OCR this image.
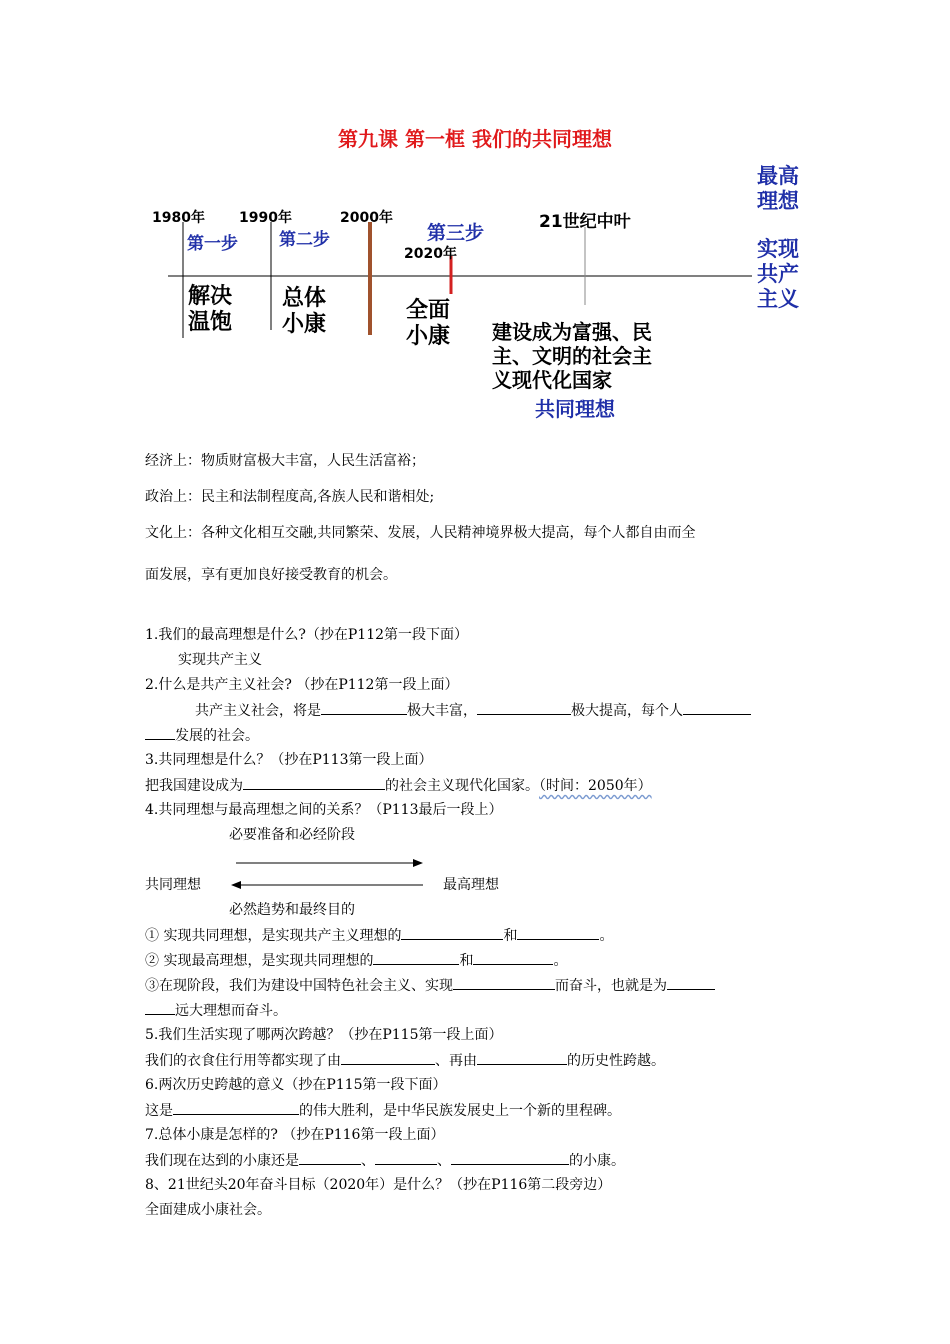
第九课 第一框 我们的共同理想
1980年 1990年	2000年
2020年
21世纪中叶
第一步 第二步	第三步
解决
温饱
总体
小康
全面
小康 建设成为富强、民
主、文明的社会主
义现代化国家
共同理想
最高
理想
实现
共产
主义
经济上：物质财富极大丰富，人民生活富裕；
政治上：民主和法制程度高,各族人民和谐相处;
文化上：各种文化相互交融,共同繁荣、发展，人民精神境界极大提高，每个人都自由而全
面发展，享有更加良好接受教育的机会。
1.我们的最高理想是什么?（抄在P112第一段下面）
实现共产主义
2.什么是共产主义社会? （抄在P112第一段上面）
共产主义社会，将是	极大丰富，	极大提高，每个人
发展的社会。
3.共同理想是什么？（抄在P113第一段上面）
把我国建设成为	的社会主义现代化国家。（时间：2050年）
4.共同理想与最高理想之间的关系？（P113最后一段上）
必要准备和必经阶段
共同理想	最高理想
必然趋势和最终目的
① 实现共同理想，是实现共产主义理想的	和	。
② 实现最高理想，是实现共同理想的	和	。
③在现阶段，我们为建设中国特色社会主义、实现	而奋斗，也就是为
远大理想而奋斗。
5.我们生活实现了哪两次跨越？（抄在P115第一段上面）
我们的衣食住行用等都实现了由	、再由	的历史性跨越。
6.两次历史跨越的意义（抄在P115第一段下面）
这是	的伟大胜利，是中华民族发展史上一个新的里程碑。
7.总体小康是怎样的? （抄在P116第一段上面）
我们现在达到的小康还是	、	、	的小康。
8、21世纪头20年奋斗目标（2020年）是什么？（抄在P116第二段旁边）
全面建成小康社会。
